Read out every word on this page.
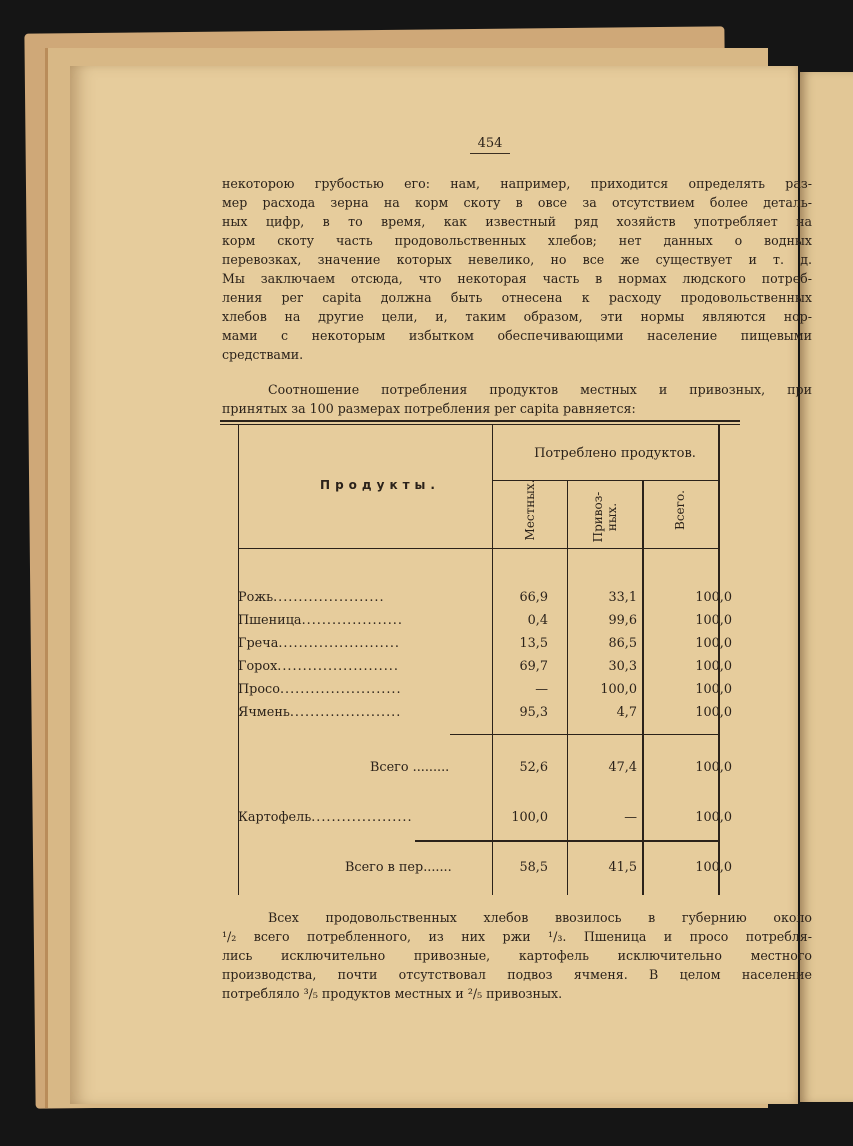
454
некоторою грубостью его: нам, например, приходится определять раз-
мер расхода зерна на корм скоту в овсе за отсутствием более деталь-
ных цифр, в то время, как известный ряд хозяйств употребляет на
корм скоту часть продовольственных хлебов; нет данных о водных
перевозках, значение которых невелико, но все же существует и т. д.
Мы заключаем отсюда, что некоторая часть в нормах людского потреб-
ления per capita должна быть отнесена к расходу продовольственных
хлебов на другие цели, и, таким образом, эти нормы являются нор-
мами с некоторым избытком обеспечивающими население пищевыми
средствами.
Соотношение потребления продуктов местных и привозных, при
принятых за 100 размерах потребления per capita равняется:
Продукты.
Потреблено продуктов.
Местных.	Привоз- ных.	Всего.
Рожь......................	66,9	33,1	100,0
Пшеница....................	0,4	99,6	100,0
Греча........................	13,5	86,5	100,0
Горох........................	69,7	30,3	100,0
Просо........................	—	100,0	100,0
Ячмень......................	95,3	4,7	100,0
Всего .........	52,6	47,4	100,0
Картофель....................	100,0	—	100,0
Всего в пер.......	58,5	41,5	100,0
Всех продовольственных хлебов ввозилось в губернию около
¹/₂ всего потребленного, из них ржи ¹/₃. Пшеница и просо потребля-
лись исключительно привозные, картофель исключительно местного
производства, почти отсутствовал подвоз ячменя. В целом население
потребляло ³/₅ продуктов местных и ²/₅ привозных.
